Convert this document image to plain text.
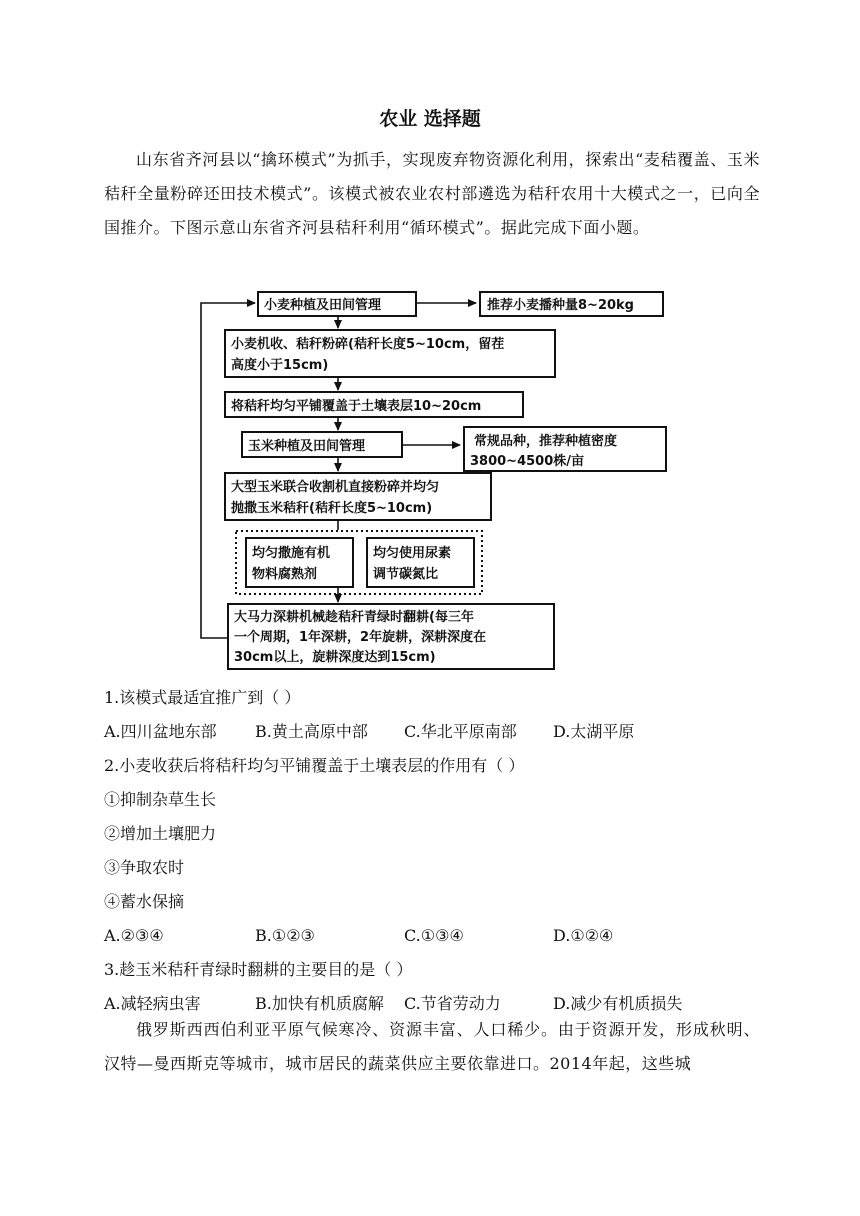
农业 选择题
山东省齐河县以“擒环模式”为抓手，实现废弃物资源化利用，探索出“麦秸覆盖、玉米秸秆全量粉碎还田技术模式”。该模式被农业农村部遴选为秸秆农用十大模式之一，已向全国推介。下图示意山东省齐河县秸秆利用“循环模式”。据此完成下面小题。
小麦种植及田间管理	推荐小麦播种量8~20kg
小麦机收、秸秆粉碎(秸秆长度5~10cm，留茬
高度小于15cm)
将秸秆均匀平铺覆盖于土壤表层10~20cm
玉米种植及田间管理	常规品种，推荐种植密度
3800~4500株/亩
大型玉米联合收割机直接粉碎并均匀
抛撒玉米秸秆(秸秆长度5~10cm)
均匀撒施有机
物料腐熟剂
均匀使用尿素
调节碳氮比
大马力深耕机械趁秸秆青绿时翻耕(每三年
一个周期，1年深耕，2年旋耕，深耕深度在
30cm以上，旋耕深度达到15cm)
1.该模式最适宜推广到（ ）
A.四川盆地东部 B.黄土高原中部 C.华北平原南部 D.太湖平原
2.小麦收获后将秸秆均匀平铺覆盖于土壤表层的作用有（ ）
①抑制杂草生长
②增加土壤肥力
③争取农时
④蓄水保摘
A.②③④	B.①②③	C.①③④	D.①②④
3.趁玉米秸秆青绿时翻耕的主要目的是（ ）
A.减轻病虫害	B.加快有机质腐解 C.节省劳动力	D.减少有机质损失
俄罗斯西西伯利亚平原气候寒冷、资源丰富、人口稀少。由于资源开发，形成秋明、汉特—曼西斯克等城市，城市居民的蔬菜供应主要依靠进口。2014年起，这些城
